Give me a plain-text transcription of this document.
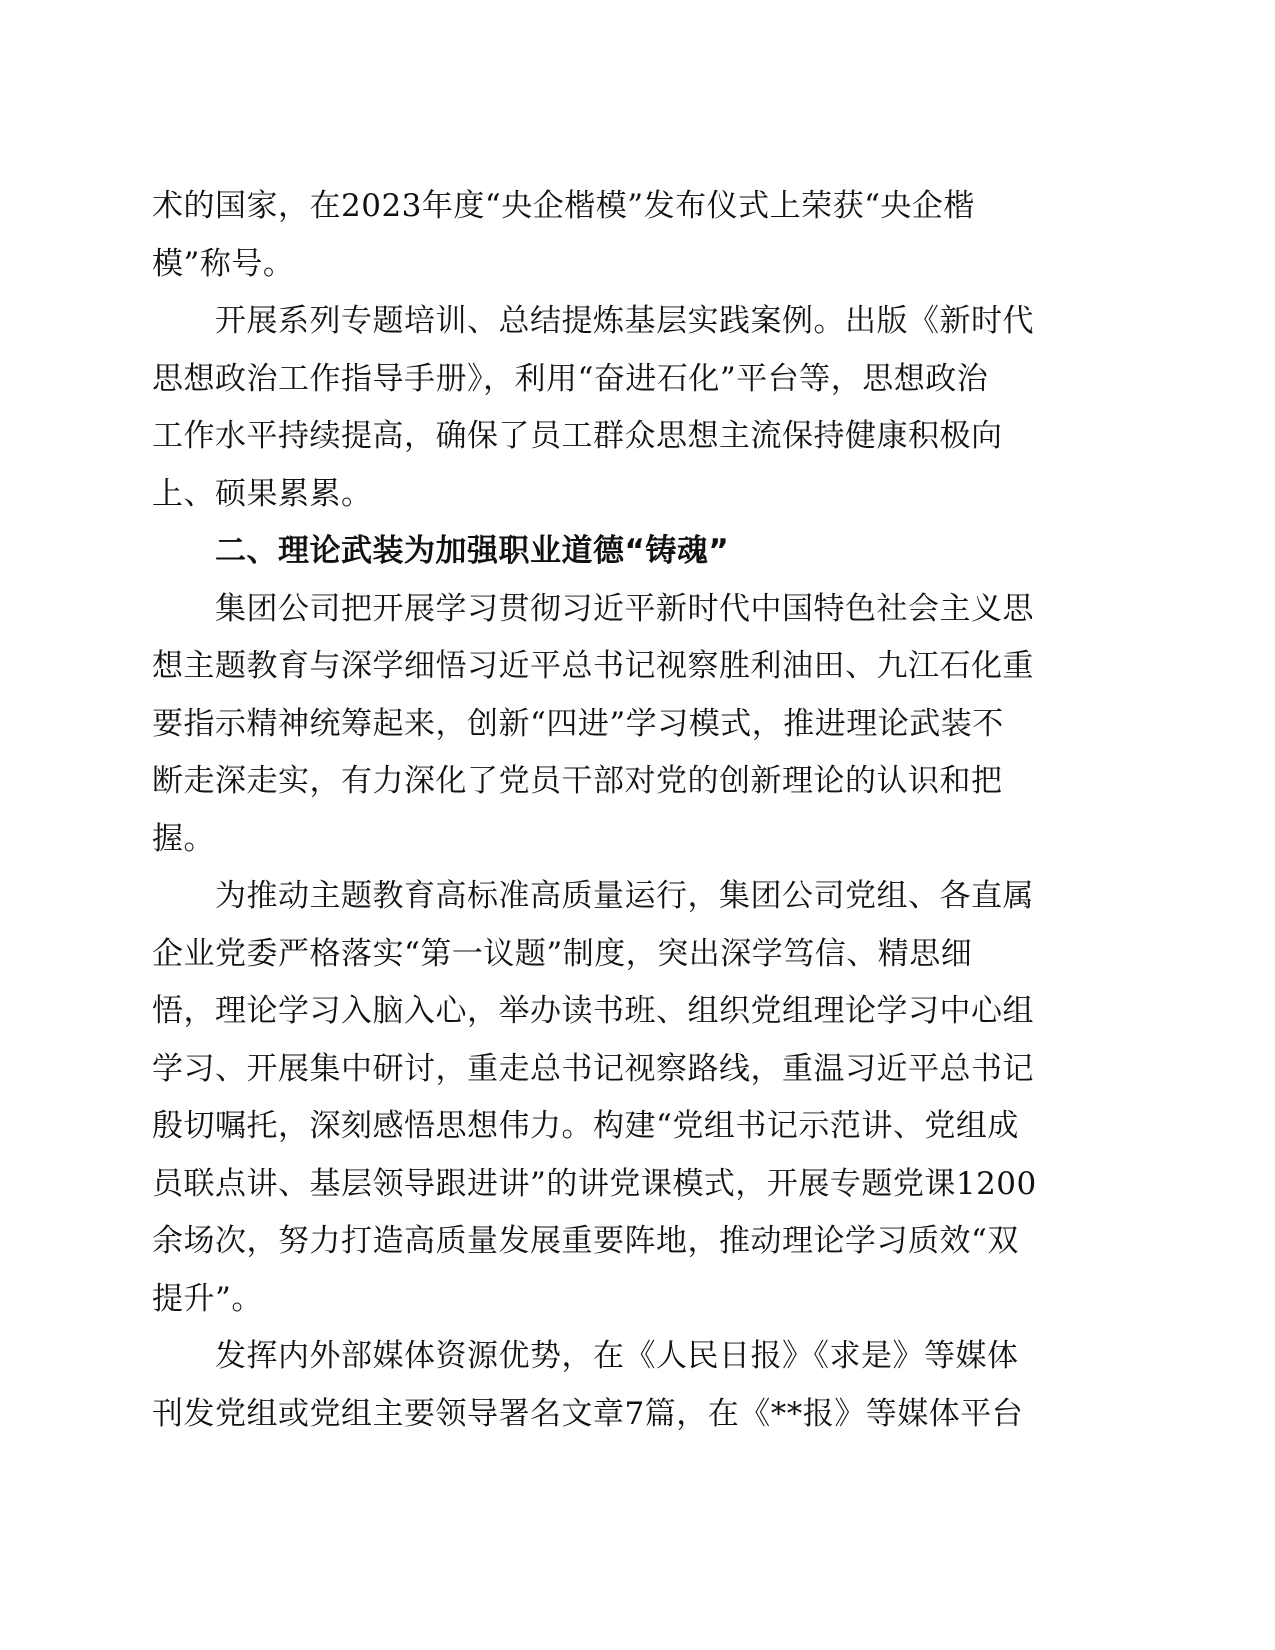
术的国家，在2023年度“央企楷模”发布仪式上荣获“央企楷
模”称号。
开展系列专题培训、总结提炼基层实践案例。出版《新时代
思想政治工作指导手册》，利用“奋进石化”平台等，思想政治
工作水平持续提高，确保了员工群众思想主流保持健康积极向
上、硕果累累。
二、理论武装为加强职业道德“铸魂”
集团公司把开展学习贯彻习近平新时代中国特色社会主义思
想主题教育与深学细悟习近平总书记视察胜利油田、九江石化重
要指示精神统筹起来，创新“四进”学习模式，推进理论武装不
断走深走实，有力深化了党员干部对党的创新理论的认识和把
握。
为推动主题教育高标准高质量运行，集团公司党组、各直属
企业党委严格落实“第一议题”制度，突出深学笃信、精思细
悟，理论学习入脑入心，举办读书班、组织党组理论学习中心组
学习、开展集中研讨，重走总书记视察路线，重温习近平总书记
殷切嘱托，深刻感悟思想伟力。构建“党组书记示范讲、党组成
员联点讲、基层领导跟进讲”的讲党课模式，开展专题党课1200
余场次，努力打造高质量发展重要阵地，推动理论学习质效“双
提升”。
发挥内外部媒体资源优势，在《人民日报》《求是》等媒体
刊发党组或党组主要领导署名文章7篇，在《**报》等媒体平台
